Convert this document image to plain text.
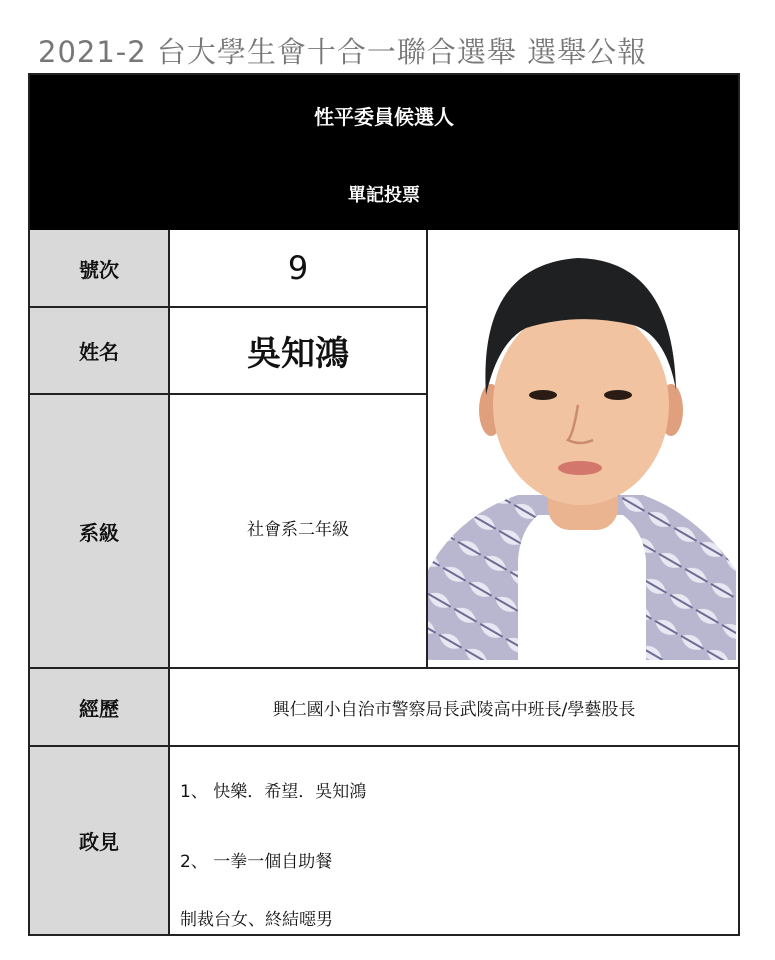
2021-2 台大學生會十合一聯合選舉 選舉公報
性平委員候選人
單記投票
號次	9
姓名	吳知鴻
系級	社會系二年級
經歷	興仁國小自治市警察局長武陵高中班長/學藝股長
政見
1、 快樂．希望．吳知鴻
2、 一拳一個自助餐
制裁台女、終結噁男
